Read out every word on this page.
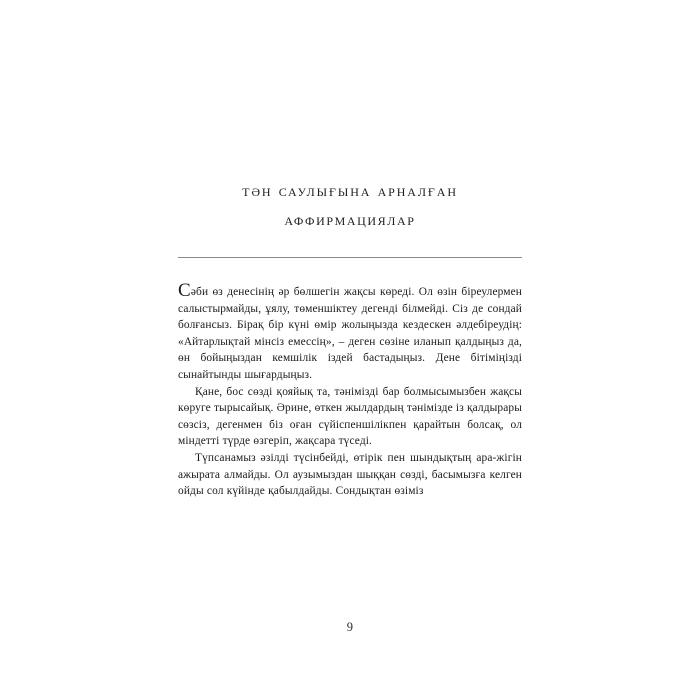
тән саулығына арналған
аффирмациялар

Сәби өз денесінің әр бөлшегін жақсы көреді. Ол өзін біреулермен салыстырмайды, ұялу, төменшіктеу дегенді білмейді. Сіз де сондай болғансыз. Бірақ бір күні өмір жолыңызда кездескен әлдебіреудің: «Айтарлықтай мінсіз емессің», – деген сөзіне иланып қалдыңыз да, өн бойыңыздан кемшілік іздей бастадыңыз. Дене бітіміңізді сынайтынды шығардыңыз.

Қане, бос сөзді қояйық та, тәнімізді бар болмысымызбен жақсы көруге тырысайық. Әрине, өткен жылдардың тәнімізде із қалдырары сөзсіз, дегенмен біз оған сүйіспеншілікпен қарайтын болсақ, ол міндетті түрде өзгеріп, жақсара түседі.

Түпсанамыз әзілді түсінбейді, өтірік пен шындықтың ара-жігін ажырата алмайды. Ол аузымыздан шыққан сөзді, басымызға келген ойды сол күйінде қабылдайды. Сондықтан өзіміз

9
